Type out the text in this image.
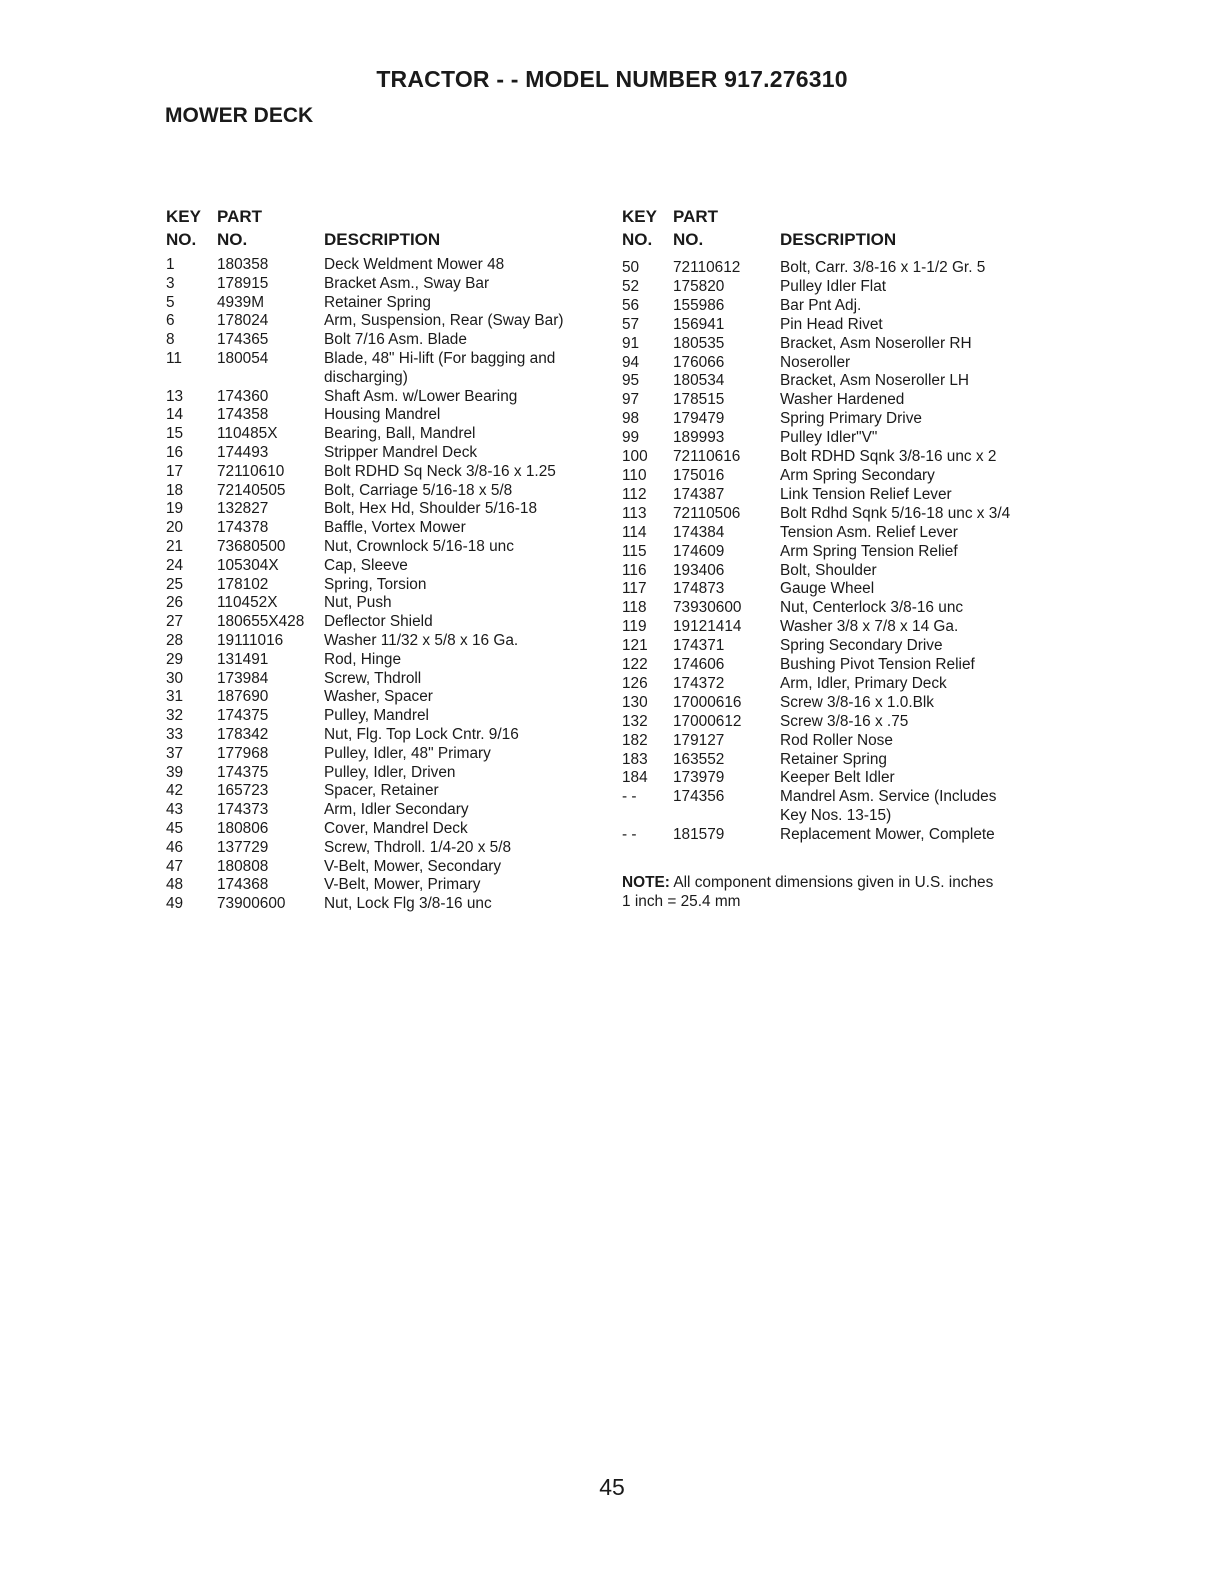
TRACTOR - - MODEL NUMBER 917.276310
MOWER DECK
KEY PART
NO. NO.	DESCRIPTION
1	180358	Deck Weldment Mower 48
3	178915	Bracket Asm., Sway Bar
5	4939M	Retainer Spring
6	178024	Arm, Suspension, Rear (Sway Bar)
8	174365	Bolt 7/16 Asm. Blade
11 180054	Blade, 48" Hi-lift (For bagging and
discharging)
13 174360	Shaft Asm. w/Lower Bearing
14 174358	Housing Mandrel
15 110485X	Bearing, Ball, Mandrel
16 174493	Stripper Mandrel Deck
17 72110610	Bolt RDHD Sq Neck 3/8-16 x 1.25
18 72140505	Bolt, Carriage 5/16-18 x 5/8
19 132827	Bolt, Hex Hd, Shoulder 5/16-18
20 174378	Baffle, Vortex Mower
21 73680500	Nut, Crownlock 5/16-18 unc
24 105304X	Cap, Sleeve
25 178102	Spring, Torsion
26 110452X	Nut, Push
27 180655X428 Deflector Shield
28 19111016	Washer 11/32 x 5/8 x 16 Ga.
29 131491	Rod, Hinge
30 173984	Screw, Thdroll
31 187690	Washer, Spacer
32 174375	Pulley, Mandrel
33 178342	Nut, Flg. Top Lock Cntr. 9/16
37 177968	Pulley, Idler, 48" Primary
39 174375	Pulley, Idler, Driven
42 165723	Spacer, Retainer
43 174373	Arm, Idler Secondary
45 180806	Cover, Mandrel Deck
46 137729	Screw, Thdroll. 1/4-20 x 5/8
47 180808	V-Belt, Mower, Secondary
48 174368	V-Belt, Mower, Primary
49 73900600	Nut, Lock Flg 3/8-16 unc
KEY PART
NO. NO.	DESCRIPTION
50 72110612	Bolt, Carr. 3/8-16 x 1-1/2 Gr. 5
52 175820	Pulley Idler Flat
56 155986	Bar Pnt Adj.
57 156941	Pin Head Rivet
91 180535	Bracket, Asm Noseroller RH
94 176066	Noseroller
95 180534	Bracket, Asm Noseroller LH
97 178515	Washer Hardened
98 179479	Spring Primary Drive
99 189993	Pulley Idler"V"
100 72110616	Bolt RDHD Sqnk 3/8-16 unc x 2
110 175016	Arm Spring Secondary
112 174387	Link Tension Relief Lever
113 72110506	Bolt Rdhd Sqnk 5/16-18 unc x 3/4
114 174384	Tension Asm. Relief Lever
115 174609	Arm Spring Tension Relief
116 193406	Bolt, Shoulder
117 174873	Gauge Wheel
118 73930600	Nut, Centerlock 3/8-16 unc
119 19121414	Washer 3/8 x 7/8 x 14 Ga.
121 174371	Spring Secondary Drive
122 174606	Bushing Pivot Tension Relief
126 174372	Arm, Idler, Primary Deck
130 17000616	Screw 3/8-16 x 1.0.Blk
132 17000612	Screw 3/8-16 x .75
182 179127	Rod Roller Nose
183 163552	Retainer Spring
184 173979	Keeper Belt Idler
- - 174356	Mandrel Asm. Service (Includes
Key Nos. 13-15)
- - 181579	Replacement Mower, Complete
NOTE: All component dimensions given in U.S. inches
1 inch = 25.4 mm
45
